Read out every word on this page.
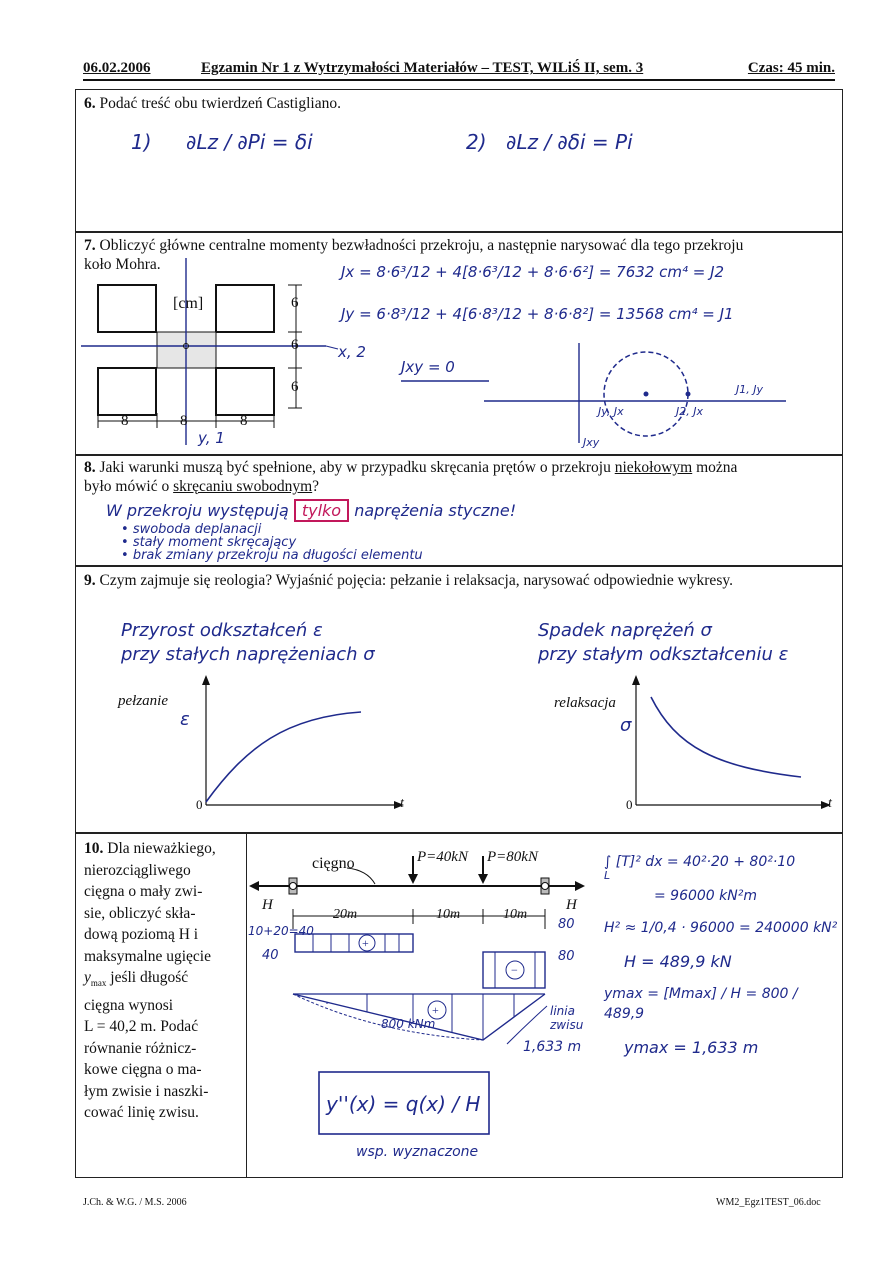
06.02.2006	Egzamin Nr 1 z Wytrzymałości Materiałów – TEST, WILiŚ II, sem. 3	Czas: 45 min.
6. Podać treść obu twierdzeń Castigliano.
1) ∂Lz / ∂Pi = δi	2) ∂Lz / ∂δi = Pi
7. Obliczyć główne centralne momenty bezwładności przekroju, a następnie narysować dla tego przekroju
koło Mohra.
[cm]	6
6
6
8	8	8
x, 2
y, 1
Jx = 8·6³/12 + 4[8·6³/12 + 8·6·6²] = 7632 cm⁴ = J2
Jy = 6·8³/12 + 4[6·8³/12 + 8·6·8²] = 13568 cm⁴ = J1
Jxy = 0
J1, Jy
Jy, Jx	J2, Jx
Jxy
8. Jaki warunki muszą być spełnione, aby w przypadku skręcania prętów o przekroju niekołowym można
było mówić o skręcaniu swobodnym?
W przekroju występują tylko naprężenia styczne!
• swoboda deplanacji
• stały moment skręcający
• brak zmiany przekroju na długości elementu
9. Czym zajmuje się reologia? Wyjaśnić pojęcia: pełzanie i relaksacja, narysować odpowiednie wykresy.
Przyrost odkształceń ε
przy stałych naprężeniach σ
Spadek naprężeń σ
przy stałym odkształceniu ε
pełzanie
ε
t
0
relaksacja
σ
t
0
10. Dla nieważkiego,
nierozciągliwego
cięgna o mały zwi-
sie, obliczyć skła-
dową poziomą H i
maksymalne ugięcie
$y_{max}$ jeśli długość
cięgna wynosi
L = 40,2 m. Podać
równanie różnicz-
kowe cięgna o ma-
łym zwisie i naszki-
cować linię zwisu.
+
−
+
cięgno	P=40kN P=80kN
H	H
20m	10m	10m
10+20=40
40
80
80
800 kNm
linia zwisu
1,633 m
y''(x) = q(x) / H
wsp. wyznaczone
∫ [T]² dx = 40²·20 + 80²·10
L
= 96000 kN²m
H² ≈ 1/0,4 · 96000 = 240000 kN²
H = 489,9 kN
ymax = [Mmax] / H = 800 / 489,9
ymax = 1,633 m
J.Ch. & W.G. / M.S. 2006	WM2_Egz1TEST_06.doc
